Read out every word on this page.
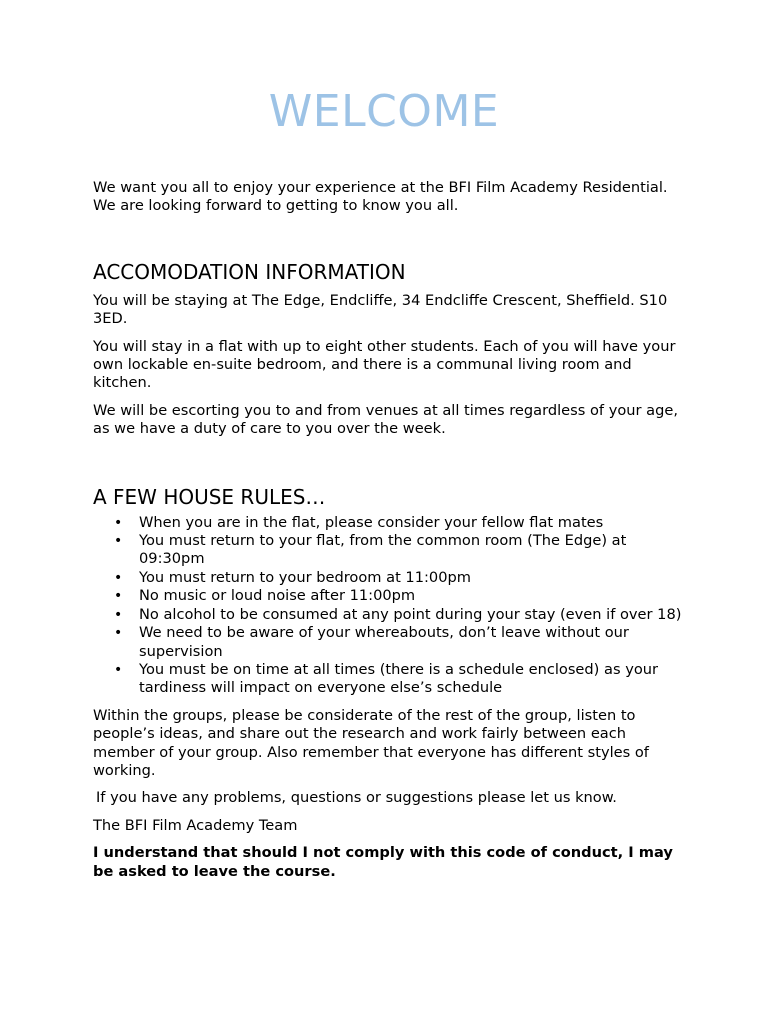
WELCOME

We want you all to enjoy your experience at the BFI Film Academy Residential.

We are looking forward to getting to know you all.

ACCOMODATION INFORMATION

You will be staying at The Edge, Endcliffe, 34 Endcliffe Crescent, Sheffield. S10 3ED.

You will stay in a flat with up to eight other students. Each of you will have your own lockable en-suite bedroom, and there is a communal living room and kitchen.

We will be escorting you to and from venues at all times regardless of your age, as we have a duty of care to you over the week.

A FEW HOUSE RULES…
• When you are in the flat, please consider your fellow flat mates
• You must return to your flat, from the common room (The Edge) at 09:30pm
• You must return to your bedroom at 11:00pm
• No music or loud noise after 11:00pm
• No alcohol to be consumed at any point during your stay (even if over 18)
• We need to be aware of your whereabouts, don’t leave without our supervision
• You must be on time at all times (there is a schedule enclosed) as your tardiness will impact on everyone else’s schedule

Within the groups, please be considerate of the rest of the group, listen to people’s ideas, and share out the research and work fairly between each member of your group. Also remember that everyone has different styles of working.

If you have any problems, questions or suggestions please let us know.

The BFI Film Academy Team

I understand that should I not comply with this code of conduct, I may be asked to leave the course.
